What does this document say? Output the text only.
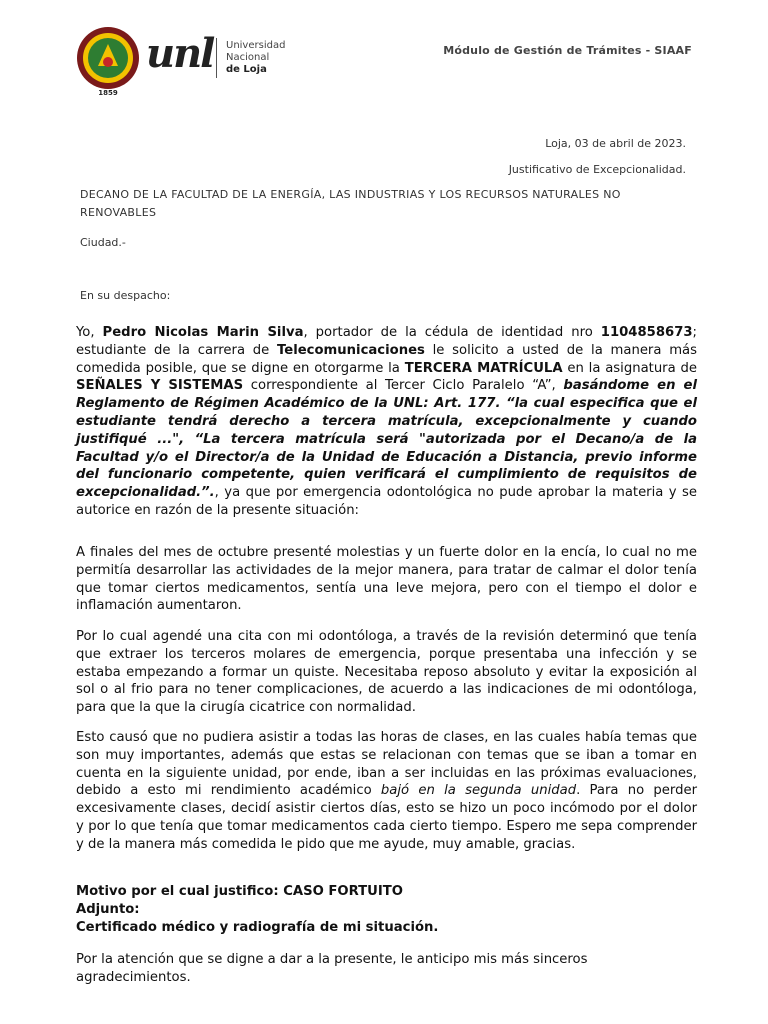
1859
unl Universidad
Nacional
de Loja
Módulo de Gestión de Trámites - SIAAF
Loja, 03 de abril de 2023.
Justificativo de Excepcionalidad.
DECANO DE LA FACULTAD DE LA ENERGÍA, LAS INDUSTRIAS Y LOS RECURSOS NATURALES NO RENOVABLES
Ciudad.-
En su despacho:
Yo, Pedro Nicolas Marin Silva, portador de la cédula de identidad nro 1104858673; estudiante de la carrera de Telecomunicaciones le solicito a usted de la manera más comedida posible, que se digne en otorgarme la TERCERA MATRÍCULA en la asignatura de SEÑALES Y SISTEMAS correspondiente al Tercer Ciclo Paralelo “A”, basándome en el Reglamento de Régimen Académico de la UNL: Art. 177. “la cual especifica que el estudiante tendrá derecho a tercera matrícula, excepcionalmente y cuando justifiqué ...", “La tercera matrícula será "autorizada por el Decano/a de la Facultad y/o el Director/a de la Unidad de Educación a Distancia, previo informe del funcionario competente, quien verificará el cumplimiento de requisitos de excepcionalidad.”., ya que por emergencia odontológica no pude aprobar la materia y se autorice en razón de la presente situación:
A finales del mes de octubre presenté molestias y un fuerte dolor en la encía, lo cual no me permitía desarrollar las actividades de la mejor manera, para tratar de calmar el dolor tenía que tomar ciertos medicamentos, sentía una leve mejora, pero con el tiempo el dolor e inflamación aumentaron.
Por lo cual agendé una cita con mi odontóloga, a través de la revisión determinó que tenía que extraer los terceros molares de emergencia, porque presentaba una infección y se estaba empezando a formar un quiste. Necesitaba reposo absoluto y evitar la exposición al sol o al frio para no tener complicaciones, de acuerdo a las indicaciones de mi odontóloga, para que la que la cirugía cicatrice con normalidad.
Esto causó que no pudiera asistir a todas las horas de clases, en las cuales había temas que son muy importantes, además que estas se relacionan con temas que se iban a tomar en cuenta en la siguiente unidad, por ende, iban a ser incluidas en las próximas evaluaciones, debido a esto mi rendimiento académico bajó en la segunda unidad. Para no perder excesivamente clases, decidí asistir ciertos días, esto se hizo un poco incómodo por el dolor y por lo que tenía que tomar medicamentos cada cierto tiempo. Espero me sepa comprender y de la manera más comedida le pido que me ayude, muy amable, gracias.
Motivo por el cual justifico: CASO FORTUITO
Adjunto:
Certificado médico y radiografía de mi situación.
Por la atención que se digne a dar a la presente, le anticipo mis más sinceros agradecimientos.
